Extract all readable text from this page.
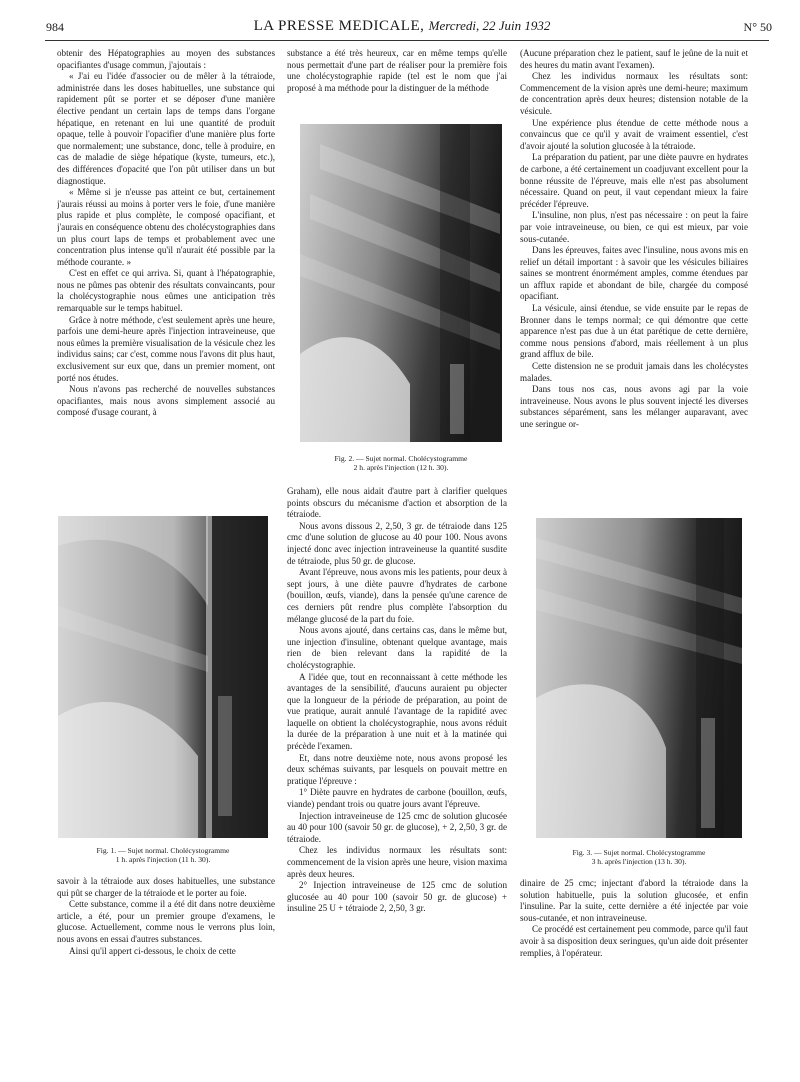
984	LA PRESSE MEDICALE, Mercredi, 22 Juin 1932	N° 50

obtenir des Hépatographies au moyen des substances opacifiantes d'usage commun, j'ajoutais :

« J'ai eu l'idée d'associer ou de mêler à la tétraiode, administrée dans les doses habituelles, une substance qui rapidement pût se porter et se déposer d'une manière élective pendant un certain laps de temps dans l'organe hépatique, en retenant en lui une quantité de produit opaque, telle à pouvoir l'opacifier d'une manière plus forte que normalement; une substance, donc, telle à produire, en cas de maladie de siège hépatique (kyste, tumeurs, etc.), des différences d'opacité que l'on pût utiliser dans un but diagnostique.

« Même si je n'eusse pas atteint ce but, certainement j'aurais réussi au moins à porter vers le foie, d'une manière plus rapide et plus complète, le composé opacifiant, et j'aurais en conséquence obtenu des cholécystographies dans un plus court laps de temps et probablement avec une concentration plus intense qu'il n'aurait été possible par la méthode courante. »

C'est en effet ce qui arriva. Si, quant à l'hépatographie, nous ne pûmes pas obtenir des résultats convaincants, pour la cholécystographie nous eûmes une anticipation très remarquable sur le temps habituel.

Grâce à notre méthode, c'est seulement après une heure, parfois une demi-heure après l'injection intraveineuse, que nous eûmes la première visualisation de la vésicule chez les individus sains; car c'est, comme nous l'avons dit plus haut, exclusivement sur eux que, dans un premier moment, ont porté nos études.

Nous n'avons pas recherché de nouvelles substances opacifiantes, mais nous avons simplement associé au composé d'usage courant, à

substance a été très heureux, car en même temps qu'elle nous permettait d'une part de réaliser pour la première fois une cholécystographie rapide (tel est le nom que j'ai proposé à ma méthode pour la distinguer de la méthode

Fig. 2. — Sujet normal. Cholécystogramme
2 h. après l'injection (12 h. 30).

(Aucune préparation chez le patient, sauf le jeûne de la nuit et des heures du matin avant l'examen).

Chez les individus normaux les résultats sont: Commencement de la vision après une demi-heure; maximum de concentration après deux heures; distension notable de la vésicule.

Une expérience plus étendue de cette méthode nous a convaincus que ce qu'il y avait de vraiment essentiel, c'est d'avoir ajouté la solution glucosée à la tétraiode.

La préparation du patient, par une diète pauvre en hydrates de carbone, a été certainement un coadjuvant excellent pour la bonne réussite de l'épreuve, mais elle n'est pas absolument nécessaire. Quand on peut, il vaut cependant mieux la faire précéder l'épreuve.

L'insuline, non plus, n'est pas nécessaire : on peut la faire par voie intraveineuse, ou bien, ce qui est mieux, par voie sous-cutanée.

Dans les épreuves, faites avec l'insuline, nous avons mis en relief un détail important : à savoir que les vésicules biliaires saines se montrent énormément amples, comme étendues par un afflux rapide et abondant de bile, chargée du composé opacifiant.

La vésicule, ainsi étendue, se vide ensuite par le repas de Bronner dans le temps normal; ce qui démontre que cette apparence n'est pas due à un état parétique de cette dernière, comme nous pensions d'abord, mais réellement à un plus grand afflux de bile.

Cette distension ne se produit jamais dans les cholécystes malades.

Dans tous nos cas, nous avons agi par la voie intraveineuse. Nous avons le plus souvent injecté les diverses substances séparément, sans les mélanger auparavant, avec une seringue or-

Fig. 1. — Sujet normal. Cholécystogramme
1 h. après l'injection (11 h. 30).

Graham), elle nous aidait d'autre part à clarifier quelques points obscurs du mécanisme d'action et absorption de la tétraiode.

Nous avons dissous 2, 2,50, 3 gr. de tétraiode dans 125 cmc d'une solution de glucose au 40 pour 100. Nous avons injecté donc avec injection intraveineuse la quantité susdite de tétraiode, plus 50 gr. de glucose.

Avant l'épreuve, nous avons mis les patients, pour deux à sept jours, à une diète pauvre d'hydrates de carbone (bouillon, œufs, viande), dans la pensée qu'une carence de ces derniers pût rendre plus complète l'absorption du mélange glucosé de la part du foie.

Nous avons ajouté, dans certains cas, dans le même but, une injection d'insuline, obtenant quelque avantage, mais rien de bien relevant dans la rapidité de la cholécystographie.

A l'idée que, tout en reconnaissant à cette méthode les avantages de la sensibilité, d'aucuns auraient pu objecter que la longueur de la période de préparation, au point de vue pratique, aurait annulé l'avantage de la rapidité avec laquelle on obtient la cholécystographie, nous avons réduit la durée de la préparation à une nuit et à la matinée qui précède l'examen.

Et, dans notre deuxième note, nous avons proposé les deux schémas suivants, par lesquels on pouvait mettre en pratique l'épreuve :

1° Diète pauvre en hydrates de carbone (bouillon, œufs, viande) pendant trois ou quatre jours avant l'épreuve.

Injection intraveineuse de 125 cmc de solution glucosée au 40 pour 100 (savoir 50 gr. de glucose), + 2, 2,50, 3 gr. de tétraiode.

Chez les individus normaux les résultats sont: commencement de la vision après une heure, vision maxima après deux heures.

2° Injection intraveineuse de 125 cmc de solution glucosée au 40 pour 100 (savoir 50 gr. de glucose) + insuline 25 U + tétraiode 2, 2,50, 3 gr.

Fig. 3. — Sujet normal. Cholécystogramme
3 h. après l'injection (13 h. 30).

savoir à la tétraiode aux doses habituelles, une substance qui pût se charger de la tétraiode et le porter au foie.

Cette substance, comme il a été dit dans notre deuxième article, a été, pour un premier groupe d'examens, le glucose. Actuellement, comme nous le verrons plus loin, nous avons en essai d'autres substances.

Ainsi qu'il appert ci-dessous, le choix de cette

dinaire de 25 cmc; injectant d'abord la tétraiode dans la solution habituelle, puis la solution glucosée, et enfin l'insuline. Par la suite, cette dernière a été injectée par voie sous-cutanée, et non intraveineuse.

Ce procédé est certainement peu commode, parce qu'il faut avoir à sa disposition deux seringues, qu'un aide doit présenter remplies, à l'opérateur.
